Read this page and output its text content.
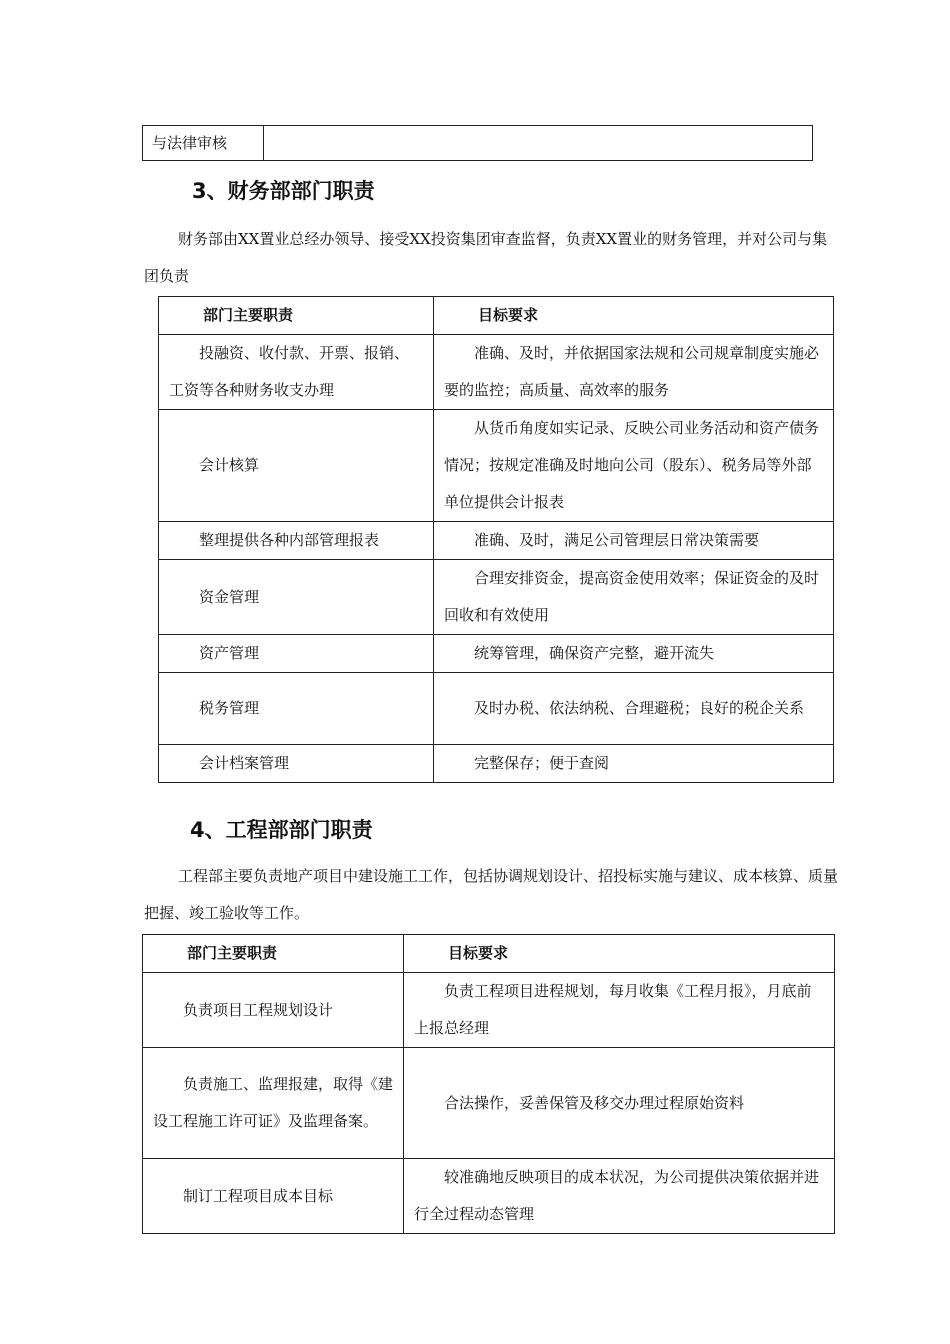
与法律审核	
3、财务部部门职责
财务部由XX置业总经办领导、接受XX投资集团审查监督，负责XX置业的财务管理，并对公司与集团负责
部门主要职责	目标要求
投融资、收付款、开票、报销、工资等各种财务收支办理	准确、及时，并依据国家法规和公司规章制度实施必要的监控；高质量、高效率的服务
会计核算	从货币角度如实记录、反映公司业务活动和资产债务情况；按规定准确及时地向公司（股东）、税务局等外部单位提供会计报表
整理提供各种内部管理报表	准确、及时，满足公司管理层日常决策需要
资金管理	合理安排资金，提高资金使用效率；保证资金的及时回收和有效使用
资产管理	统筹管理，确保资产完整，避开流失
税务管理	及时办税、依法纳税、合理避税；良好的税企关系
会计档案管理	完整保存；便于查阅
4、工程部部门职责
工程部主要负责地产项目中建设施工工作，包括协调规划设计、招投标实施与建议、成本核算、质量把握、竣工验收等工作。
部门主要职责	目标要求
负责项目工程规划设计	负责工程项目进程规划，每月收集《工程月报》，月底前上报总经理
负责施工、监理报建，取得《建设工程施工许可证》及监理备案。	合法操作，妥善保管及移交办理过程原始资料
制订工程项目成本目标	较准确地反映项目的成本状况，为公司提供决策依据并进行全过程动态管理
